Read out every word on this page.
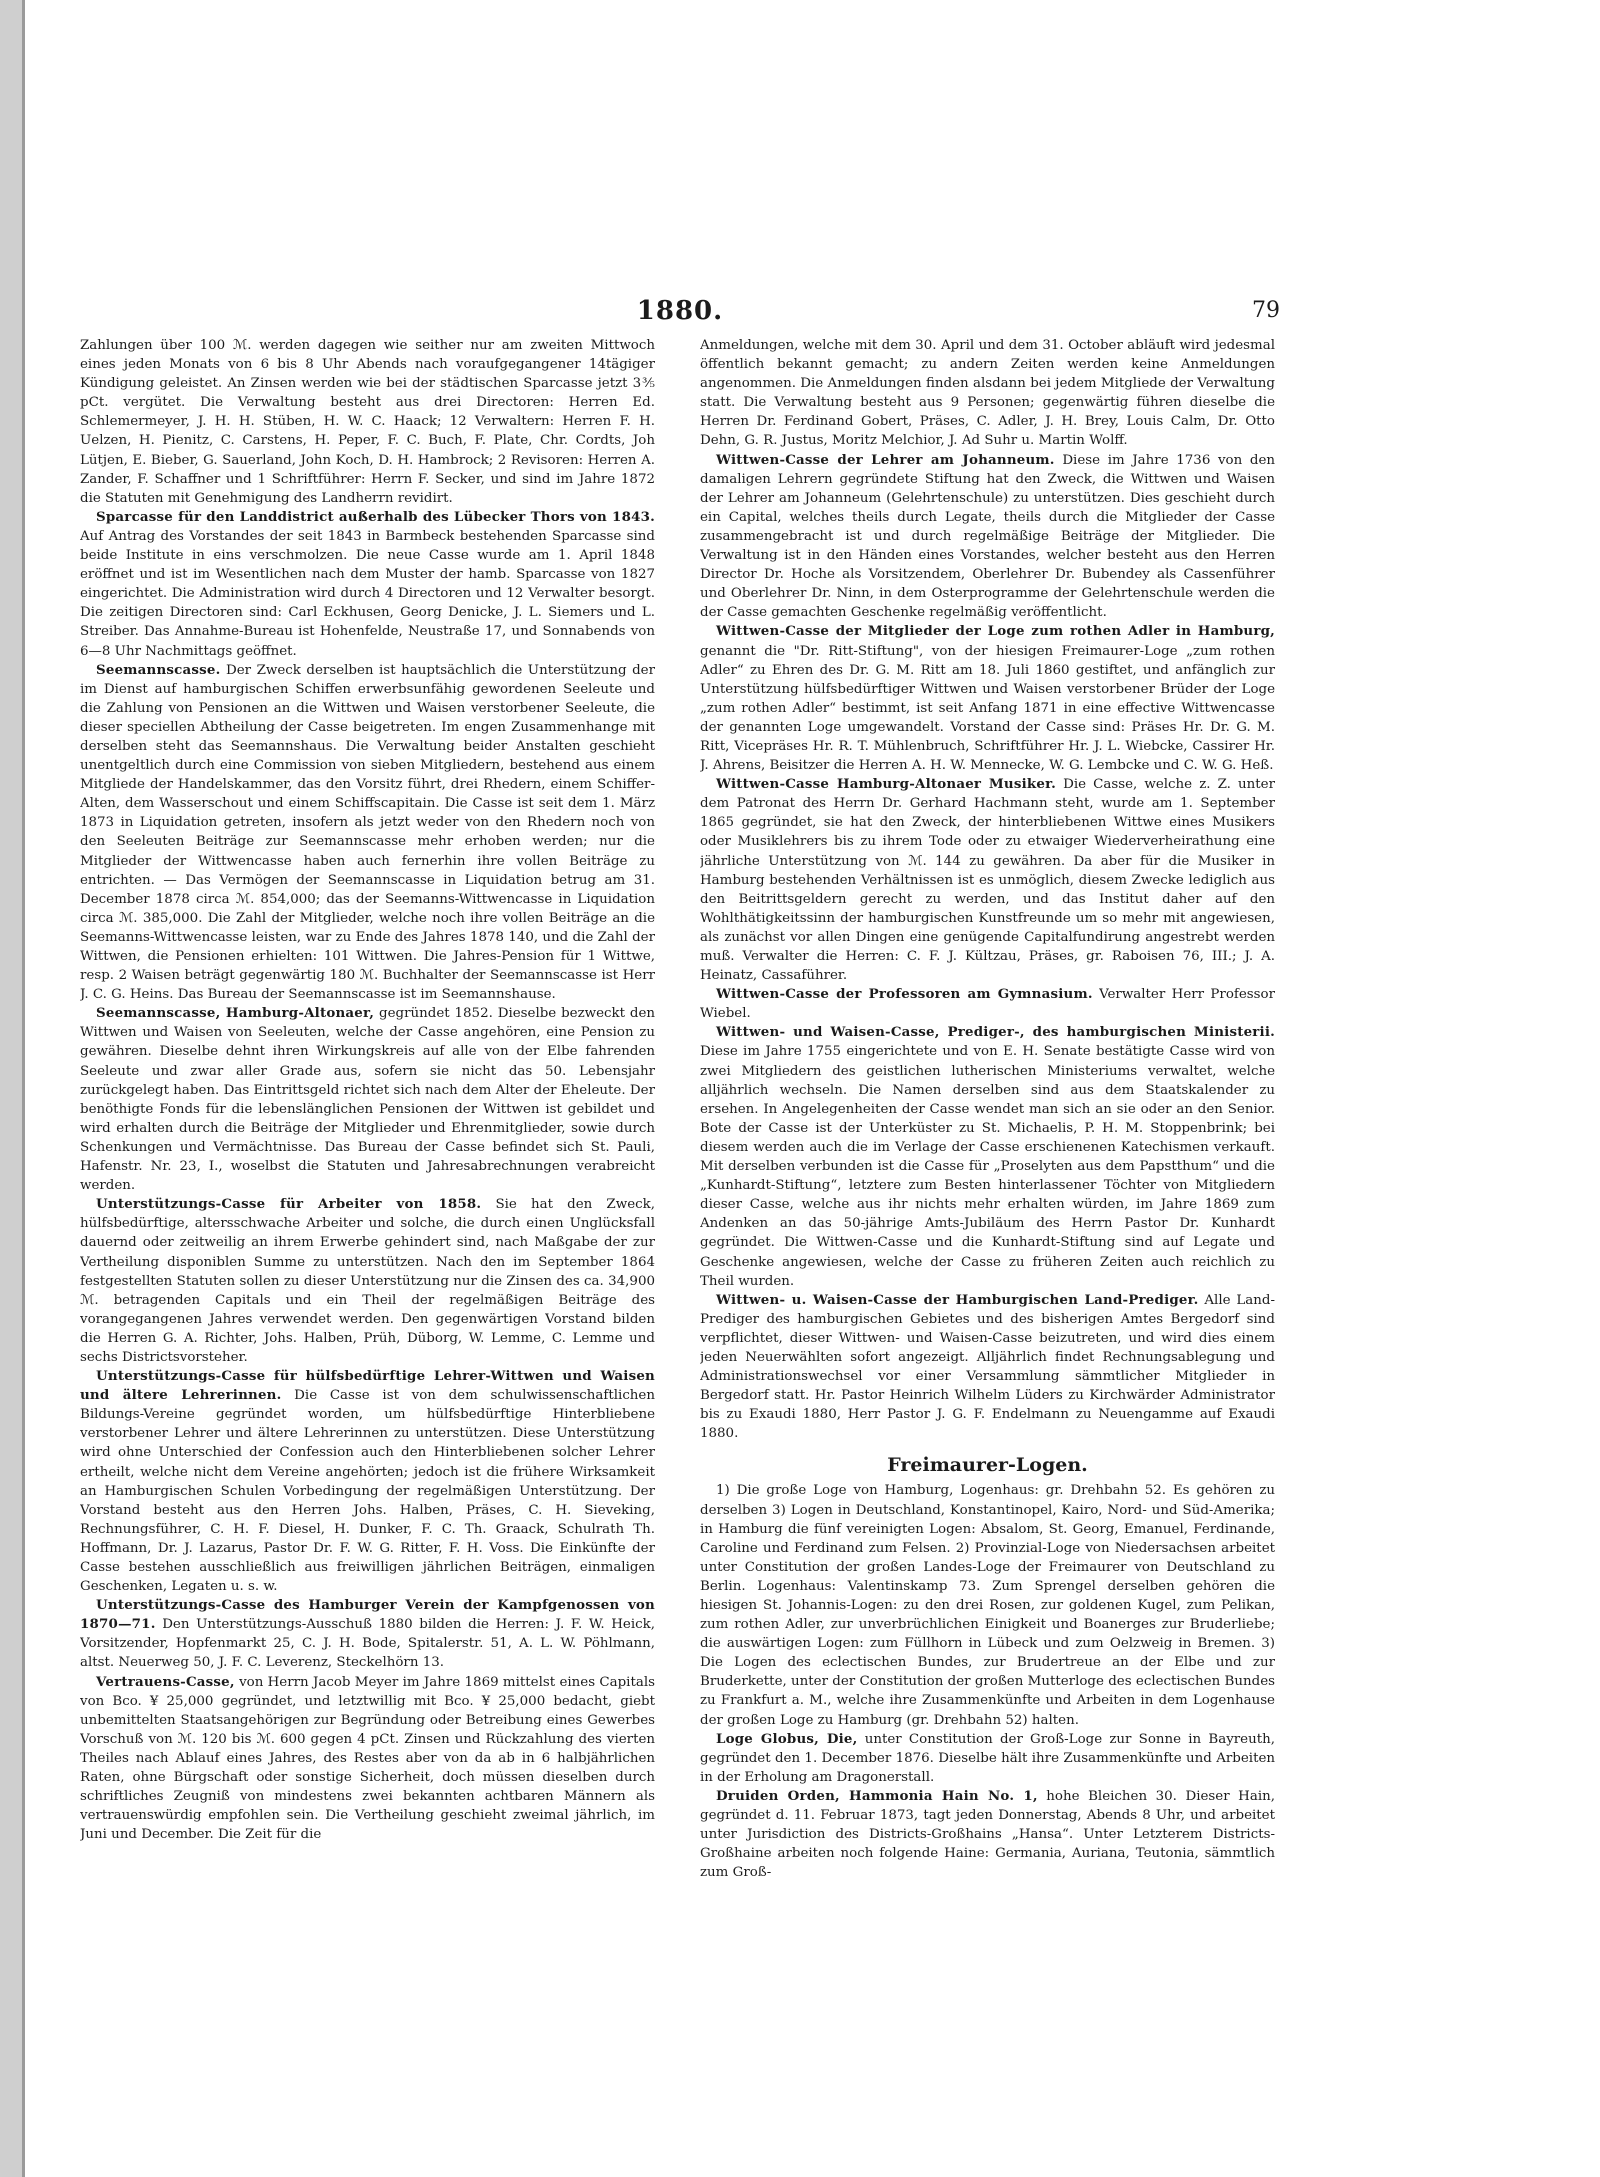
1880.	79

Zahlungen über 100 ℳ. werden dagegen wie seither nur am zweiten Mittwoch eines jeden Monats von 6 bis 8 Uhr Abends nach voraufgegangener 14tägiger Kündigung geleistet. An Zinsen werden wie bei der städtischen Sparcasse jetzt 3⅗ pCt. vergütet. Die Verwaltung besteht aus drei Directoren: Herren Ed. Schlemermeyer, J. H. H. Stüben, H. W. C. Haack; 12 Verwaltern: Herren F. H. Uelzen, H. Pienitz, C. Carstens, H. Peper, F. C. Buch, F. Plate, Chr. Cordts, Joh Lütjen, E. Bieber, G. Sauerland, John Koch, D. H. Hambrock; 2 Revisoren: Herren A. Zander, F. Schaffner und 1 Schriftführer: Herrn F. Secker, und sind im Jahre 1872 die Statuten mit Genehmigung des Landherrn revidirt.

Sparcasse für den Landdistrict außerhalb des Lübecker Thors von 1843. Auf Antrag des Vorstandes der seit 1843 in Barmbeck bestehenden Sparcasse sind beide Institute in eins verschmolzen. Die neue Casse wurde am 1. April 1848 eröffnet und ist im Wesentlichen nach dem Muster der hamb. Sparcasse von 1827 eingerichtet. Die Administration wird durch 4 Directoren und 12 Verwalter besorgt. Die zeitigen Directoren sind: Carl Eckhusen, Georg Denicke, J. L. Siemers und L. Streiber. Das Annahme-Bureau ist Hohenfelde, Neustraße 17, und Sonnabends von 6—8 Uhr Nachmittags geöffnet.

Seemannscasse. Der Zweck derselben ist hauptsächlich die Unterstützung der im Dienst auf hamburgischen Schiffen erwerbsunfähig gewordenen Seeleute und die Zahlung von Pensionen an die Wittwen und Waisen verstorbener Seeleute, die dieser speciellen Abtheilung der Casse beigetreten. Im engen Zusammenhange mit derselben steht das Seemannshaus. Die Verwaltung beider Anstalten geschieht unentgeltlich durch eine Commission von sieben Mitgliedern, bestehend aus einem Mitgliede der Handelskammer, das den Vorsitz führt, drei Rhedern, einem Schiffer-Alten, dem Wasserschout und einem Schiffscapitain. Die Casse ist seit dem 1. März 1873 in Liquidation getreten, insofern als jetzt weder von den Rhedern noch von den Seeleuten Beiträge zur Seemannscasse mehr erhoben werden; nur die Mitglieder der Wittwencasse haben auch fernerhin ihre vollen Beiträge zu entrichten. — Das Vermögen der Seemannscasse in Liquidation betrug am 31. December 1878 circa ℳ. 854,000; das der Seemanns-Wittwencasse in Liquidation circa ℳ. 385,000. Die Zahl der Mitglieder, welche noch ihre vollen Beiträge an die Seemanns-Wittwencasse leisten, war zu Ende des Jahres 1878 140, und die Zahl der Wittwen, die Pensionen erhielten: 101 Wittwen. Die Jahres-Pension für 1 Wittwe, resp. 2 Waisen beträgt gegenwärtig 180 ℳ. Buchhalter der Seemannscasse ist Herr J. C. G. Heins. Das Bureau der Seemannscasse ist im Seemannshause.

Seemannscasse, Hamburg-Altonaer, gegründet 1852. Dieselbe bezweckt den Wittwen und Waisen von Seeleuten, welche der Casse angehören, eine Pension zu gewähren. Dieselbe dehnt ihren Wirkungskreis auf alle von der Elbe fahrenden Seeleute und zwar aller Grade aus, sofern sie nicht das 50. Lebensjahr zurückgelegt haben. Das Eintrittsgeld richtet sich nach dem Alter der Eheleute. Der benöthigte Fonds für die lebenslänglichen Pensionen der Wittwen ist gebildet und wird erhalten durch die Beiträge der Mitglieder und Ehrenmitglieder, sowie durch Schenkungen und Vermächtnisse. Das Bureau der Casse befindet sich St. Pauli, Hafenstr. Nr. 23, I., woselbst die Statuten und Jahresabrechnungen verabreicht werden.

Unterstützungs-Casse für Arbeiter von 1858. Sie hat den Zweck, hülfsbedürftige, altersschwache Arbeiter und solche, die durch einen Unglücksfall dauernd oder zeitweilig an ihrem Erwerbe gehindert sind, nach Maßgabe der zur Vertheilung disponiblen Summe zu unterstützen. Nach den im September 1864 festgestellten Statuten sollen zu dieser Unterstützung nur die Zinsen des ca. 34,900 ℳ. betragenden Capitals und ein Theil der regelmäßigen Beiträge des vorangegangenen Jahres verwendet werden. Den gegenwärtigen Vorstand bilden die Herren G. A. Richter, Johs. Halben, Prüh, Düborg, W. Lemme, C. Lemme und sechs Districtsvorsteher.

Unterstützungs-Casse für hülfsbedürftige Lehrer-Wittwen und Waisen und ältere Lehrerinnen. Die Casse ist von dem schulwissenschaftlichen Bildungs-Vereine gegründet worden, um hülfsbedürftige Hinterbliebene verstorbener Lehrer und ältere Lehrerinnen zu unterstützen. Diese Unterstützung wird ohne Unterschied der Confession auch den Hinterbliebenen solcher Lehrer ertheilt, welche nicht dem Vereine angehörten; jedoch ist die frühere Wirksamkeit an Hamburgischen Schulen Vorbedingung der regelmäßigen Unterstützung. Der Vorstand besteht aus den Herren Johs. Halben, Präses, C. H. Sieveking, Rechnungsführer, C. H. F. Diesel, H. Dunker, F. C. Th. Graack, Schulrath Th. Hoffmann, Dr. J. Lazarus, Pastor Dr. F. W. G. Ritter, F. H. Voss. Die Einkünfte der Casse bestehen ausschließlich aus freiwilligen jährlichen Beiträgen, einmaligen Geschenken, Legaten u. s. w.

Unterstützungs-Casse des Hamburger Verein der Kampfgenossen von 1870—71. Den Unterstützungs-Ausschuß 1880 bilden die Herren: J. F. W. Heick, Vorsitzender, Hopfenmarkt 25, C. J. H. Bode, Spitalerstr. 51, A. L. W. Pöhlmann, altst. Neuerweg 50, J. F. C. Leverenz, Steckelhörn 13.

Vertrauens-Casse, von Herrn Jacob Meyer im Jahre 1869 mittelst eines Capitals von Bco. ¥ 25,000 gegründet, und letztwillig mit Bco. ¥ 25,000 bedacht, giebt unbemittelten Staatsangehörigen zur Begründung oder Betreibung eines Gewerbes Vorschuß von ℳ. 120 bis ℳ. 600 gegen 4 pCt. Zinsen und Rückzahlung des vierten Theiles nach Ablauf eines Jahres, des Restes aber von da ab in 6 halbjährlichen Raten, ohne Bürgschaft oder sonstige Sicherheit, doch müssen dieselben durch schriftliches Zeugniß von mindestens zwei bekannten achtbaren Männern als vertrauenswürdig empfohlen sein. Die Vertheilung geschieht zweimal jährlich, im Juni und December. Die Zeit für die

Anmeldungen, welche mit dem 30. April und dem 31. October abläuft wird jedesmal öffentlich bekannt gemacht; zu andern Zeiten werden keine Anmeldungen angenommen. Die Anmeldungen finden alsdann bei jedem Mitgliede der Verwaltung statt. Die Verwaltung besteht aus 9 Personen; gegenwärtig führen dieselbe die Herren Dr. Ferdinand Gobert, Präses, C. Adler, J. H. Brey, Louis Calm, Dr. Otto Dehn, G. R. Justus, Moritz Melchior, J. Ad Suhr u. Martin Wolff.

Wittwen-Casse der Lehrer am Johanneum. Diese im Jahre 1736 von den damaligen Lehrern gegründete Stiftung hat den Zweck, die Wittwen und Waisen der Lehrer am Johanneum (Gelehrtenschule) zu unterstützen. Dies geschieht durch ein Capital, welches theils durch Legate, theils durch die Mitglieder der Casse zusammengebracht ist und durch regelmäßige Beiträge der Mitglieder. Die Verwaltung ist in den Händen eines Vorstandes, welcher besteht aus den Herren Director Dr. Hoche als Vorsitzendem, Oberlehrer Dr. Bubendey als Cassenführer und Oberlehrer Dr. Ninn, in dem Osterprogramme der Gelehrtenschule werden die der Casse gemachten Geschenke regelmäßig veröffentlicht.

Wittwen-Casse der Mitglieder der Loge zum rothen Adler in Hamburg, genannt die "Dr. Ritt-Stiftung", von der hiesigen Freimaurer-Loge „zum rothen Adler“ zu Ehren des Dr. G. M. Ritt am 18. Juli 1860 gestiftet, und anfänglich zur Unterstützung hülfsbedürftiger Wittwen und Waisen verstorbener Brüder der Loge „zum rothen Adler“ bestimmt, ist seit Anfang 1871 in eine effective Wittwencasse der genannten Loge umgewandelt. Vorstand der Casse sind: Präses Hr. Dr. G. M. Ritt, Vicepräses Hr. R. T. Mühlenbruch, Schriftführer Hr. J. L. Wiebcke, Cassirer Hr. J. Ahrens, Beisitzer die Herren A. H. W. Mennecke, W. G. Lembcke und C. W. G. Heß.

Wittwen-Casse Hamburg-Altonaer Musiker. Die Casse, welche z. Z. unter dem Patronat des Herrn Dr. Gerhard Hachmann steht, wurde am 1. September 1865 gegründet, sie hat den Zweck, der hinterbliebenen Wittwe eines Musikers oder Musiklehrers bis zu ihrem Tode oder zu etwaiger Wiederverheirathung eine jährliche Unterstützung von ℳ. 144 zu gewähren. Da aber für die Musiker in Hamburg bestehenden Verhältnissen ist es unmöglich, diesem Zwecke lediglich aus den Beitrittsgeldern gerecht zu werden, und das Institut daher auf den Wohlthätigkeitssinn der hamburgischen Kunstfreunde um so mehr mit angewiesen, als zunächst vor allen Dingen eine genügende Capitalfundirung angestrebt werden muß. Verwalter die Herren: C. F. J. Kültzau, Präses, gr. Raboisen 76, III.; J. A. Heinatz, Cassaführer.

Wittwen-Casse der Professoren am Gymnasium. Verwalter Herr Professor Wiebel.

Wittwen- und Waisen-Casse, Prediger-, des hamburgischen Ministerii. Diese im Jahre 1755 eingerichtete und von E. H. Senate bestätigte Casse wird von zwei Mitgliedern des geistlichen lutherischen Ministeriums verwaltet, welche alljährlich wechseln. Die Namen derselben sind aus dem Staatskalender zu ersehen. In Angelegenheiten der Casse wendet man sich an sie oder an den Senior. Bote der Casse ist der Unterküster zu St. Michaelis, P. H. M. Stoppenbrink; bei diesem werden auch die im Verlage der Casse erschienenen Katechismen verkauft. Mit derselben verbunden ist die Casse für „Proselyten aus dem Papstthum“ und die „Kunhardt-Stiftung“, letztere zum Besten hinterlassener Töchter von Mitgliedern dieser Casse, welche aus ihr nichts mehr erhalten würden, im Jahre 1869 zum Andenken an das 50-jährige Amts-Jubiläum des Herrn Pastor Dr. Kunhardt gegründet. Die Wittwen-Casse und die Kunhardt-Stiftung sind auf Legate und Geschenke angewiesen, welche der Casse zu früheren Zeiten auch reichlich zu Theil wurden.

Wittwen- u. Waisen-Casse der Hamburgischen Land-Prediger. Alle Land-Prediger des hamburgischen Gebietes und des bisherigen Amtes Bergedorf sind verpflichtet, dieser Wittwen- und Waisen-Casse beizutreten, und wird dies einem jeden Neuerwählten sofort angezeigt. Alljährlich findet Rechnungsablegung und Administrationswechsel vor einer Versammlung sämmtlicher Mitglieder in Bergedorf statt. Hr. Pastor Heinrich Wilhelm Lüders zu Kirchwärder Administrator bis zu Exaudi 1880, Herr Pastor J. G. F. Endelmann zu Neuengamme auf Exaudi 1880.

Freimaurer-Logen.

1) Die große Loge von Hamburg, Logenhaus: gr. Drehbahn 52. Es gehören zu derselben 3) Logen in Deutschland, Konstantinopel, Kairo, Nord- und Süd-Amerika; in Hamburg die fünf vereinigten Logen: Absalom, St. Georg, Emanuel, Ferdinande, Caroline und Ferdinand zum Felsen. 2) Provinzial-Loge von Niedersachsen arbeitet unter Constitution der großen Landes-Loge der Freimaurer von Deutschland zu Berlin. Logenhaus: Valentinskamp 73. Zum Sprengel derselben gehören die hiesigen St. Johannis-Logen: zu den drei Rosen, zur goldenen Kugel, zum Pelikan, zum rothen Adler, zur unverbrüchlichen Einigkeit und Boanerges zur Bruderliebe; die auswärtigen Logen: zum Füllhorn in Lübeck und zum Oelzweig in Bremen. 3) Die Logen des eclectischen Bundes, zur Brudertreue an der Elbe und zur Bruderkette, unter der Constitution der großen Mutterloge des eclectischen Bundes zu Frankfurt a. M., welche ihre Zusammenkünfte und Arbeiten in dem Logenhause der großen Loge zu Hamburg (gr. Drehbahn 52) halten.

Loge Globus, Die, unter Constitution der Groß-Loge zur Sonne in Bayreuth, gegründet den 1. December 1876. Dieselbe hält ihre Zusammenkünfte und Arbeiten in der Erholung am Dragonerstall.

Druiden Orden, Hammonia Hain No. 1, hohe Bleichen 30. Dieser Hain, gegründet d. 11. Februar 1873, tagt jeden Donnerstag, Abends 8 Uhr, und arbeitet unter Jurisdiction des Districts-Großhains „Hansa“. Unter Letzterem Districts-Großhaine arbeiten noch folgende Haine: Germania, Auriana, Teutonia, sämmtlich zum Groß-
